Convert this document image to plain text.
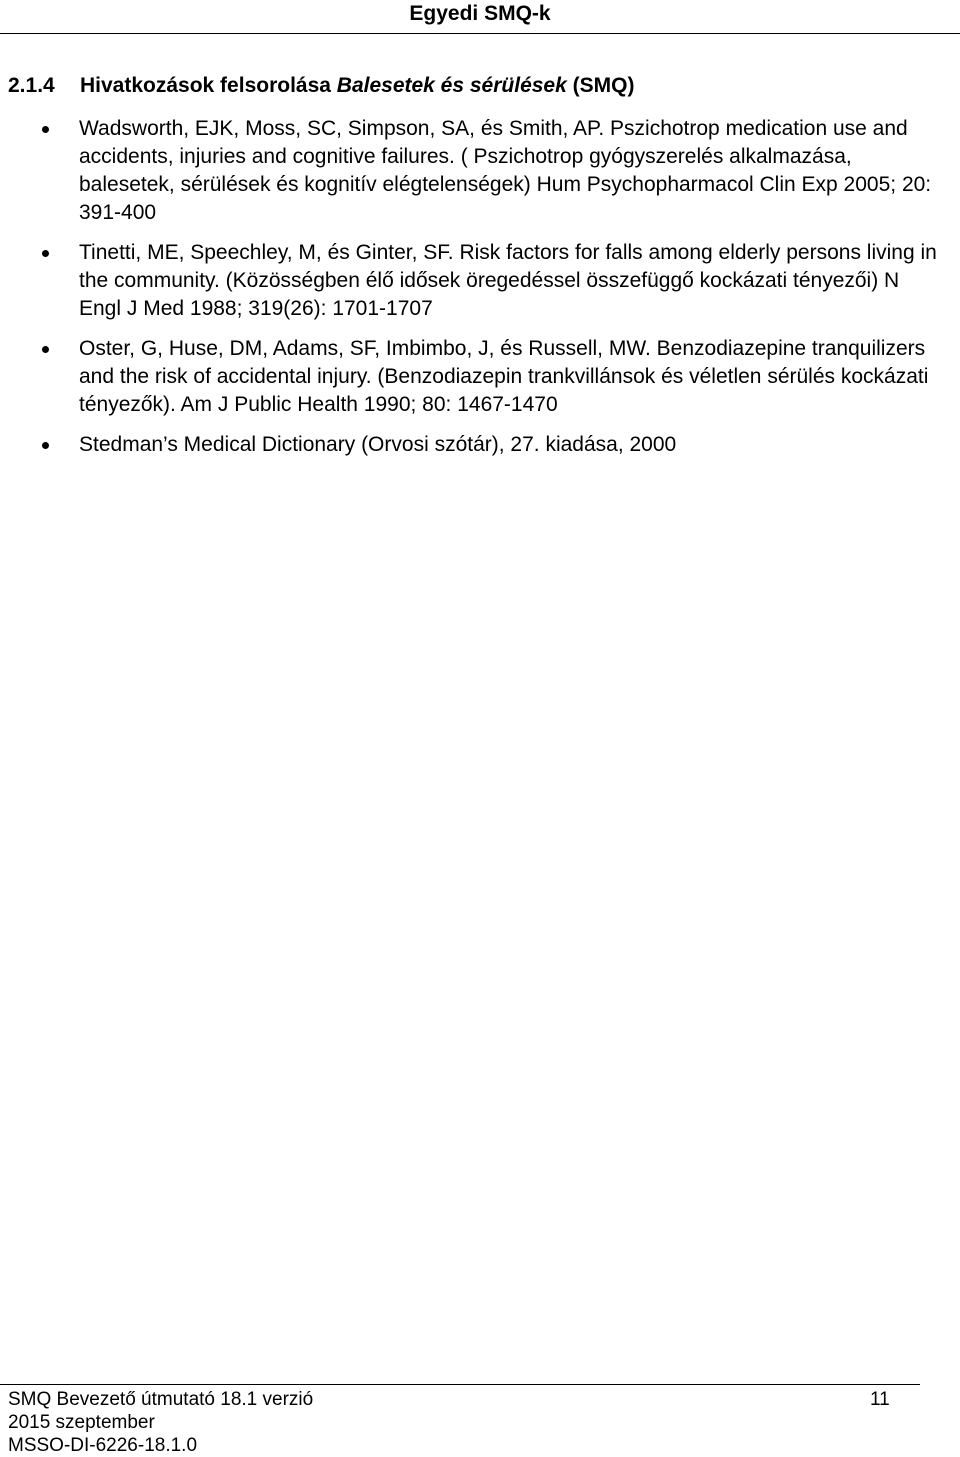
Egyedi SMQ-k
2.1.4 Hivatkozások felsorolása Balesetek és sérülések (SMQ)
Wadsworth, EJK, Moss, SC, Simpson, SA, és Smith, AP. Pszichotrop medication use and accidents, injuries and cognitive failures. ( Pszichotrop gyógyszerelés alkalmazása, balesetek, sérülések és kognitív elégtelenségek) Hum Psychopharmacol Clin Exp 2005; 20: 391-400
Tinetti, ME, Speechley, M, és Ginter, SF. Risk factors for falls among elderly persons living in the community. (Közösségben élő idősek öregedéssel összefüggő kockázati tényezői) N Engl J Med 1988; 319(26): 1701-1707
Oster, G, Huse, DM, Adams, SF, Imbimbo, J, és Russell, MW. Benzodiazepine tranquilizers and the risk of accidental injury. (Benzodiazepin trankvillánsok és véletlen sérülés kockázati tényezők). Am J Public Health 1990; 80: 1467-1470
Stedman’s Medical Dictionary (Orvosi szótár), 27. kiadása, 2000
SMQ Bevezető útmutató 18.1 verzió
2015 szeptember
MSSO-DI-6226-18.1.0
11
